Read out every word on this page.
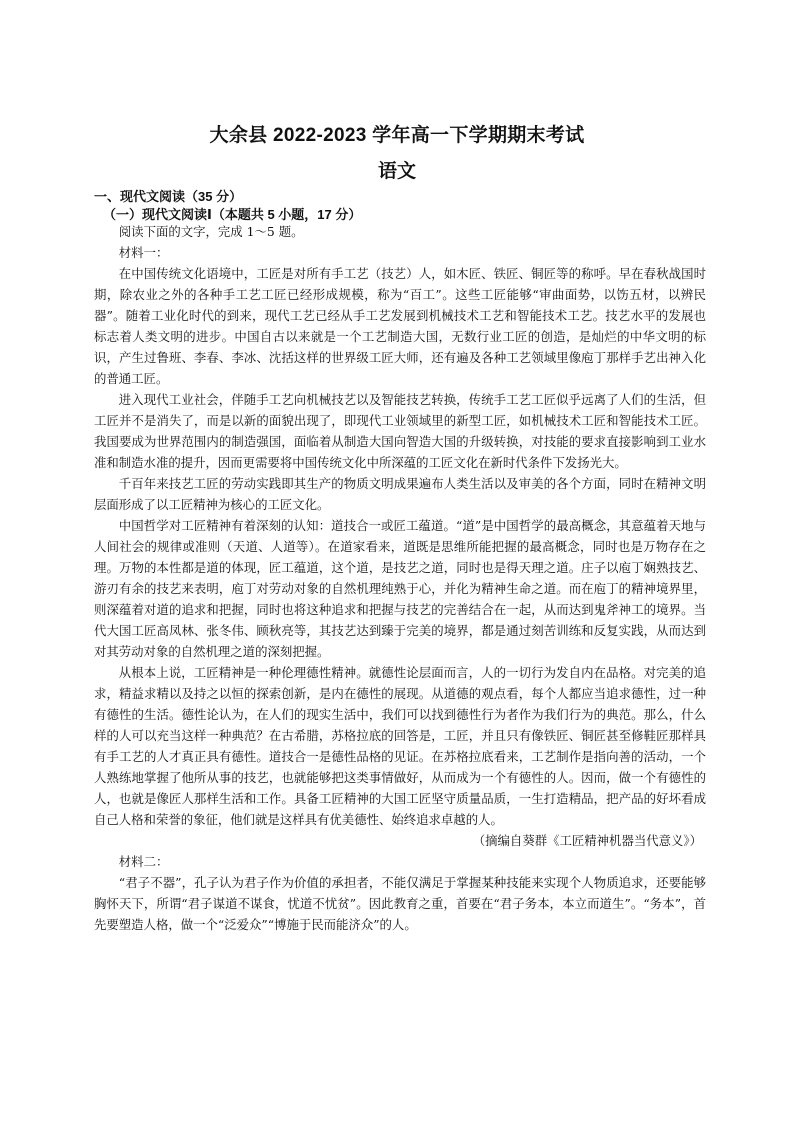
大余县 2022-2023 学年高一下学期期末考试
语文
一、现代文阅读（35 分）
（一）现代文阅读Ⅰ（本题共 5 小题，17 分）

阅读下面的文字，完成 1～5 题。

材料一：

在中国传统文化语境中，工匠是对所有手工艺（技艺）人，如木匠、铁匠、铜匠等的称呼。早在春秋战国时期，除农业之外的各种手工艺工匠已经形成规模，称为“百工”。这些工匠能够“审曲面势，以饬五材，以辨民器”。随着工业化时代的到来，现代工艺已经从手工艺发展到机械技术工艺和智能技术工艺。技艺水平的发展也标志着人类文明的进步。中国自古以来就是一个工艺制造大国，无数行业工匠的创造，是灿烂的中华文明的标识，产生过鲁班、李春、李冰、沈括这样的世界级工匠大师，还有遍及各种工艺领域里像庖丁那样手艺出神入化的普通工匠。

进入现代工业社会，伴随手工艺向机械技艺以及智能技艺转换，传统手工艺工匠似乎远离了人们的生活，但工匠并不是消失了，而是以新的面貌出现了，即现代工业领域里的新型工匠，如机械技术工匠和智能技术工匠。我国要成为世界范围内的制造强国，面临着从制造大国向智造大国的升级转换，对技能的要求直接影响到工业水准和制造水准的提升，因而更需要将中国传统文化中所深蕴的工匠文化在新时代条件下发扬光大。

千百年来技艺工匠的劳动实践即其生产的物质文明成果遍布人类生活以及审美的各个方面，同时在精神文明层面形成了以工匠精神为核心的工匠文化。

中国哲学对工匠精神有着深刻的认知：道技合一或匠工蕴道。“道”是中国哲学的最高概念，其意蕴着天地与人间社会的规律或准则（天道、人道等）。在道家看来，道既是思维所能把握的最高概念，同时也是万物存在之理。万物的本性都是道的体现，匠工蕴道，这个道，是技艺之道，同时也是得天理之道。庄子以庖丁娴熟技艺、游刃有余的技艺来表明，庖丁对劳动对象的自然机理纯熟于心，并化为精神生命之道。而在庖丁的精神境界里，则深蕴着对道的追求和把握，同时也将这种追求和把握与技艺的完善结合在一起，从而达到鬼斧神工的境界。当代大国工匠高凤林、张冬伟、顾秋亮等，其技艺达到臻于完美的境界，都是通过刻苦训练和反复实践，从而达到对其劳动对象的自然机理之道的深刻把握。

从根本上说，工匠精神是一种伦理德性精神。就德性论层面而言，人的一切行为发自内在品格。对完美的追求，精益求精以及持之以恒的探索创新，是内在德性的展现。从道德的观点看，每个人都应当追求德性，过一种有德性的生活。德性论认为，在人们的现实生活中，我们可以找到德性行为者作为我们行为的典范。那么，什么样的人可以充当这样一种典范？在古希腊，苏格拉底的回答是，工匠，并且只有像铁匠、铜匠甚至修鞋匠那样具有手工艺的人才真正具有德性。道技合一是德性品格的见证。在苏格拉底看来，工艺制作是指向善的活动，一个人熟练地掌握了他所从事的技艺，也就能够把这类事情做好，从而成为一个有德性的人。因而，做一个有德性的人，也就是像匠人那样生活和工作。具备工匠精神的大国工匠坚守质量品质，一生打造精品，把产品的好坏看成自己人格和荣誉的象征，他们就是这样具有优美德性、始终追求卓越的人。

（摘编自葵群《工匠精神机器当代意义》）

材料二：

“君子不器”，孔子认为君子作为价值的承担者，不能仅满足于掌握某种技能来实现个人物质追求，还要能够胸怀天下，所谓“君子谋道不谋食，忧道不忧贫”。因此教育之重，首要在“君子务本，本立而道生”。“务本”，首先要塑造人格，做一个“泛爱众”“博施于民而能济众”的人。
